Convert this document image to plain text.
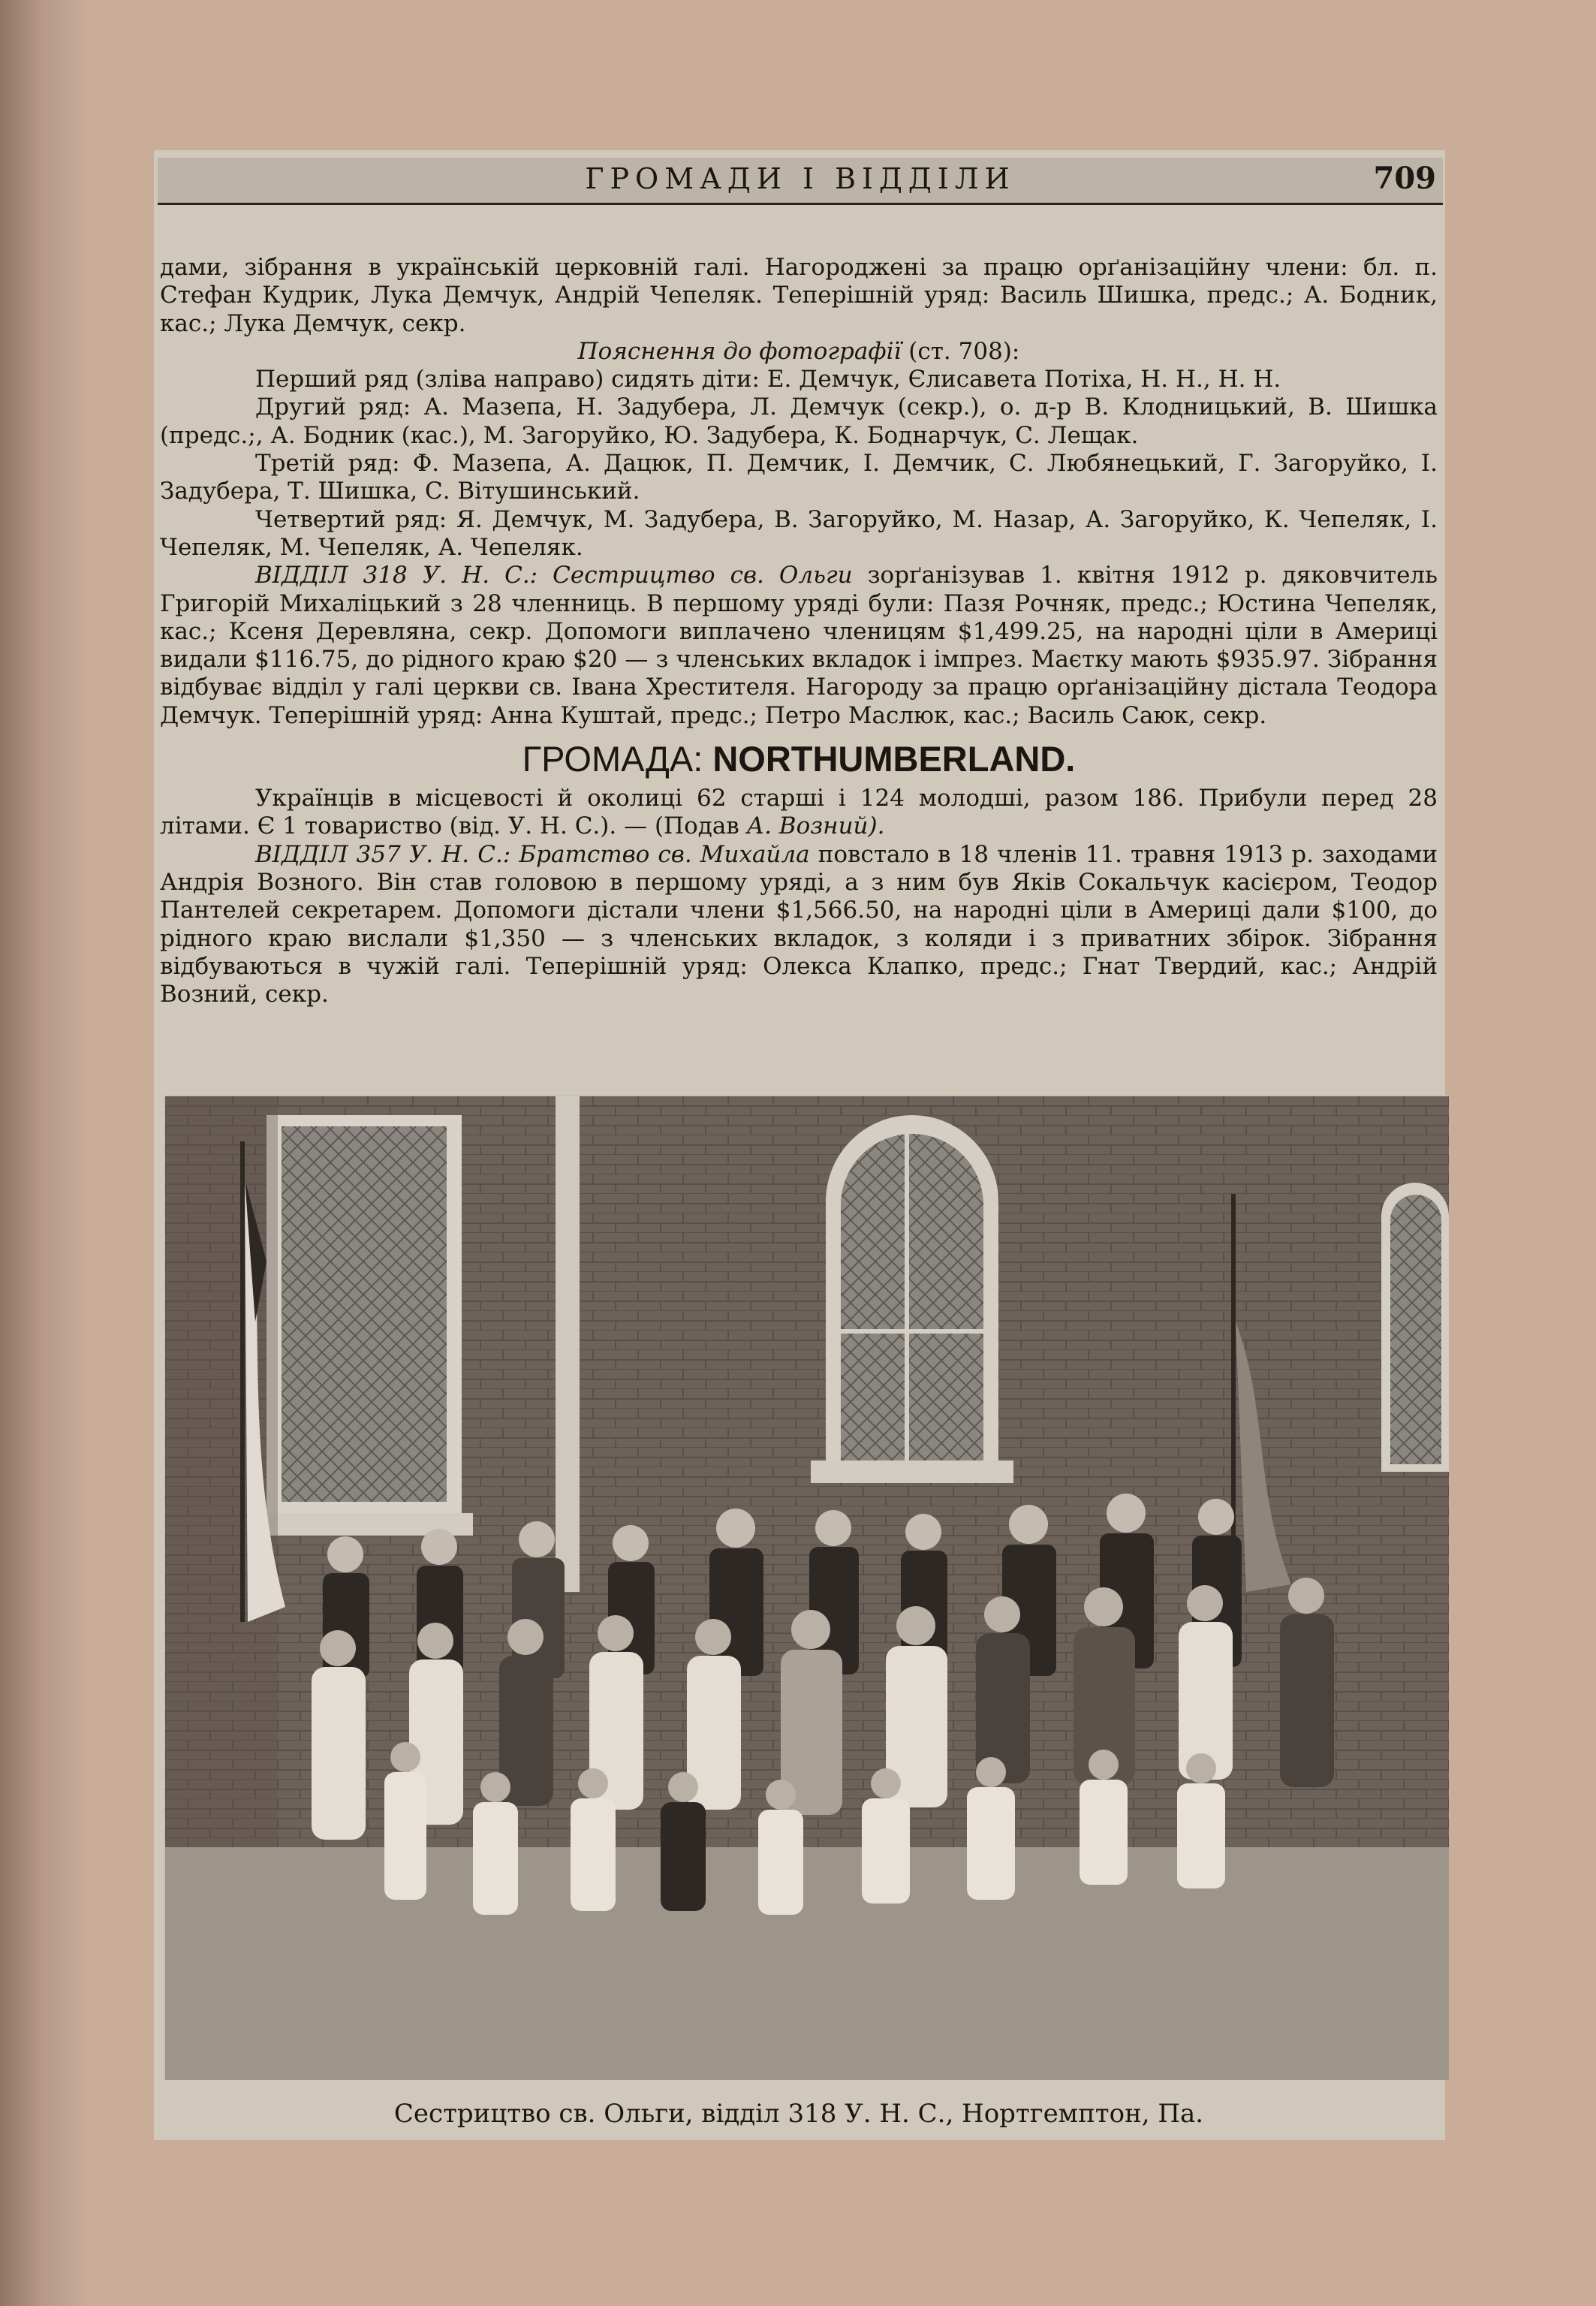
ГРОМАДИ І ВІДДІЛИ	709

дами, зібрання в українській церковній галі. Нагороджені за працю орґанізаційну члени: бл. п. Стефан Кудрик, Лука Демчук, Андрій Чепеляк. Теперішній уряд: Василь Шишка, предс.; А. Бодник, кас.; Лука Демчук, секр.

Пояснення до фотографії (ст. 708):

Перший ряд (зліва направо) сидять діти: Е. Демчук, Єлисавета Потіха, Н. Н., Н. Н.

Другий ряд: А. Мазепа, Н. Задубера, Л. Демчук (секр.), о. д-р В. Клодницький, В. Шишка (предс.;, А. Бодник (кас.), М. Загоруйко, Ю. Задубера, К. Боднарчук, С. Лещак.

Третій ряд: Ф. Мазепа, А. Дацюк, П. Демчик, І. Демчик, С. Любянецький, Г. Загоруйко, І. Задубера, Т. Шишка, С. Вітушинський.

Четвертий ряд: Я. Демчук, М. Задубера, В. Загоруйко, М. Назар, А. Загоруйко, К. Чепеляк, І. Чепеляк, М. Чепеляк, А. Чепеляк.

ВІДДІЛ 318 У. Н. С.: Сестрицтво св. Ольги зорґанізував 1. квітня 1912 р. дяковчитель Григорій Михаліцький з 28 членниць. В першому уряді були: Пазя Рочняк, предс.; Юстина Чепеляк, кас.; Ксеня Деревляна, секр. Допомоги виплачено членицям $1,499.25, на народні ціли в Америці видали $116.75, до рідного краю $20 — з членських вкладок і імпрез. Маєтку мають $935.97. Зібрання відбуває відділ у галі церкви св. Івана Хрестителя. Нагороду за працю орґанізаційну дістала Теодора Демчук. Теперішній уряд: Анна Куштай, предс.; Петро Маслюк, кас.; Василь Саюк, секр.

ГРОМАДА: NORTHUMBERLAND.

Українців в місцевості й околиці 62 старші і 124 молодші, разом 186. Прибули перед 28 літами. Є 1 товариство (від. У. Н. С.). — (Подав А. Возний).

ВІДДІЛ 357 У. Н. С.: Братство св. Михайла повстало в 18 членів 11. травня 1913 р. заходами Андрія Возного. Він став головою в першому уряді, а з ним був Яків Сокальчук касієром, Теодор Пантелей секретарем. Допомоги дістали члени $1,566.50, на народні ціли в Америці дали $100, до рідного краю вислали $1,350 — з членських вкладок, з коляди і з приватних збірок. Зібрання відбуваються в чужій галі. Теперішній уряд: Олекса Клапко, предс.; Гнат Твердий, кас.; Андрій Возний, секр.

Сестрицтво св. Ольги, відділ 318 У. Н. С., Нортгемптон, Па.
